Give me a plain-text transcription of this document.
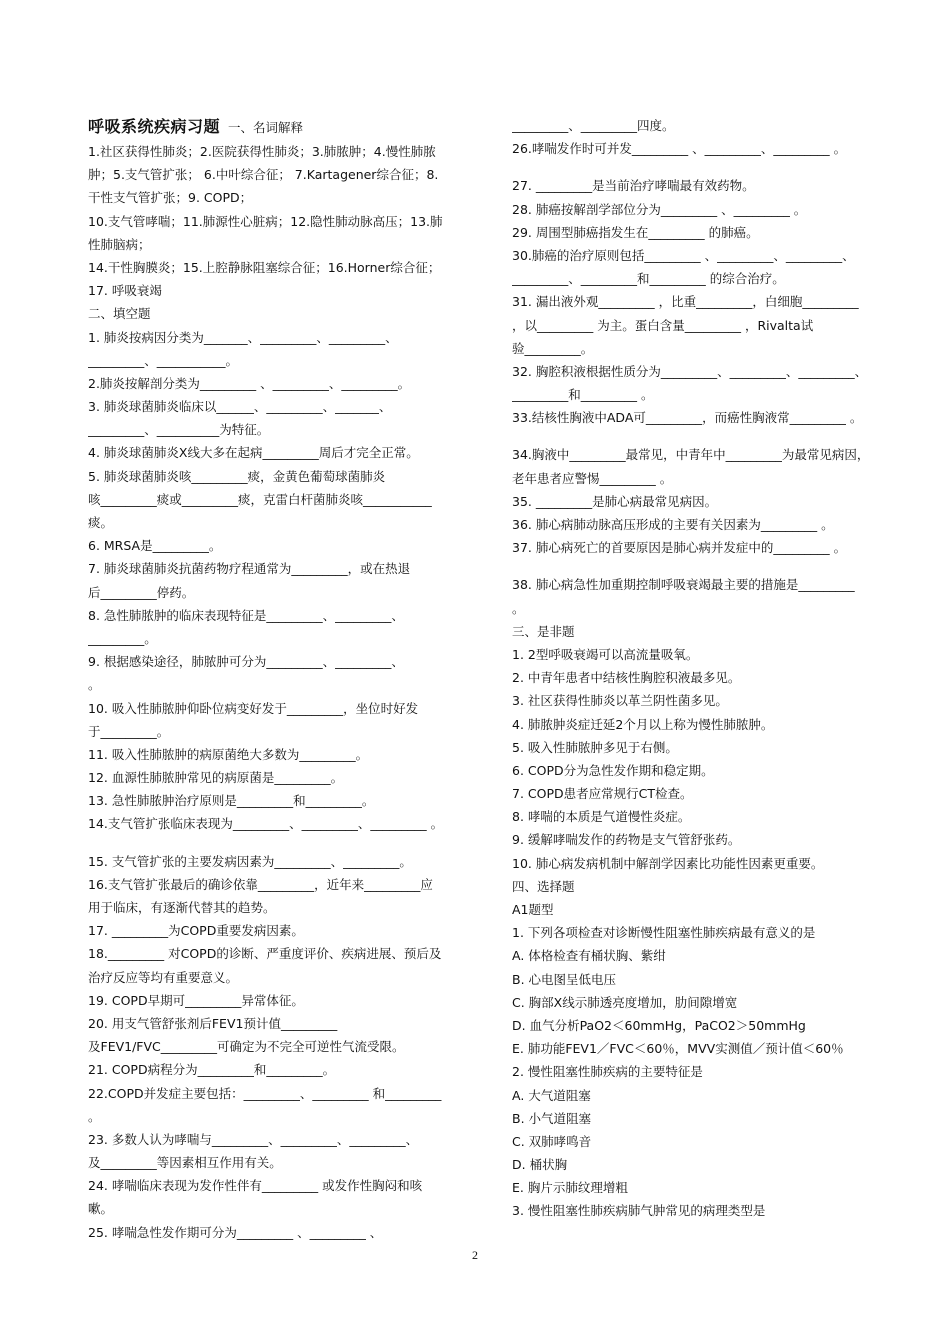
呼吸系统疾病习题 一、名词解释
1.社区获得性肺炎；2.医院获得性肺炎；3.肺脓肿；4.慢性肺脓
肿；5.支气管扩张； 6.中叶综合征； 7.Kartagener综合征；8.
干性支气管扩张；9. COPD；
10.支气管哮喘；11.肺源性心脏病；12.隐性肺动脉高压；13.肺
性肺脑病；
14.干性胸膜炎；15.上腔静脉阻塞综合征；16.Horner综合征；
17. 呼吸衰竭
二、填空题
1. 肺炎按病因分类为_______、_________、_________、
_________、___________。
2.肺炎按解剖分类为_________ 、_________、_________。
3. 肺炎球菌肺炎临床以______、_________、_______、
_________、__________为特征。
4. 肺炎球菌肺炎X线大多在起病_________周后才完全正常。
5. 肺炎球菌肺炎咳_________痰，金黄色葡萄球菌肺炎
咳_________痰或_________痰，克雷白杆菌肺炎咳___________
痰。
6. MRSA是_________。
7. 肺炎球菌肺炎抗菌药物疗程通常为_________，或在热退
后_________停药。
8. 急性肺脓肿的临床表现特征是_________、_________、
_________。
9. 根据感染途径，肺脓肿可分为_________、_________、
。
10. 吸入性肺脓肿仰卧位病变好发于_________，坐位时好发
于_________。
11. 吸入性肺脓肿的病原菌绝大多数为_________。
12. 血源性肺脓肿常见的病原菌是_________。
13. 急性肺脓肿治疗原则是_________和_________。
14.支气管扩张临床表现为_________、_________、_________ 。
15. 支气管扩张的主要发病因素为_________、_________。
16.支气管扩张最后的确诊依靠_________，近年来_________应
用于临床，有逐渐代替其的趋势。
17. _________为COPD重要发病因素。
18._________ 对COPD的诊断、严重度评价、疾病进展、预后及
治疗反应等均有重要意义。
19. COPD早期可_________异常体征。
20. 用支气管舒张剂后FEV1预计值_________
及FEV1/FVC_________可确定为不完全可逆性气流受限。
21. COPD病程分为_________和_________。
22.COPD并发症主要包括：_________、_________ 和_________
。
23. 多数人认为哮喘与_________、_________、_________、
及_________等因素相互作用有关。
24. 哮喘临床表现为发作性伴有_________ 或发作性胸闷和咳
嗽。
25. 哮喘急性发作期可分为_________ 、_________ 、
_________、_________四度。
26.哮喘发作时可并发_________ 、_________、_________ 。
27. _________是当前治疗哮喘最有效药物。
28. 肺癌按解剖学部位分为_________ 、_________ 。
29. 周围型肺癌指发生在_________ 的肺癌。
30.肺癌的治疗原则包括_________ 、_________、_________、
_________、_________和_________ 的综合治疗。
31. 漏出液外观_________ ，比重_________，白细胞_________
，以_________ 为主。蛋白含量_________ ，Rivalta试
验_________。
32. 胸腔积液根据性质分为_________、_________、_________、
_________和_________ 。
33.结核性胸液中ADA可_________，而癌性胸液常_________ 。
34.胸液中_________最常见，中青年中_________为最常见病因，
老年患者应警惕_________ 。
35. _________是肺心病最常见病因。
36. 肺心病肺动脉高压形成的主要有关因素为_________ 。
37. 肺心病死亡的首要原因是肺心病并发症中的_________ 。
38. 肺心病急性加重期控制呼吸衰竭最主要的措施是_________
。
三、是非题
1. 2型呼吸衰竭可以高流量吸氧。
2. 中青年患者中结核性胸腔积液最多见。
3. 社区获得性肺炎以革兰阴性菌多见。
4. 肺脓肿炎症迁延2个月以上称为慢性肺脓肿。
5. 吸入性肺脓肿多见于右侧。
6. COPD分为急性发作期和稳定期。
7. COPD患者应常规行CT检查。
8. 哮喘的本质是气道慢性炎症。
9. 缓解哮喘发作的药物是支气管舒张药。
10. 肺心病发病机制中解剖学因素比功能性因素更重要。
四、选择题
A1题型
1. 下列各项检查对诊断慢性阻塞性肺疾病最有意义的是
A. 体格检查有桶状胸、紫绀
B. 心电图呈低电压
C. 胸部X线示肺透亮度增加，肋间隙增宽
D. 血气分析PaO2＜60mmHg，PaCO2＞50mmHg
E. 肺功能FEV1／FVC＜60％，MVV实测值／预计值＜60％
2. 慢性阻塞性肺疾病的主要特征是
A. 大气道阻塞
B. 小气道阻塞
C. 双肺哮鸣音
D. 桶状胸
E. 胸片示肺纹理增粗
3. 慢性阻塞性肺疾病肺气肿常见的病理类型是
2
